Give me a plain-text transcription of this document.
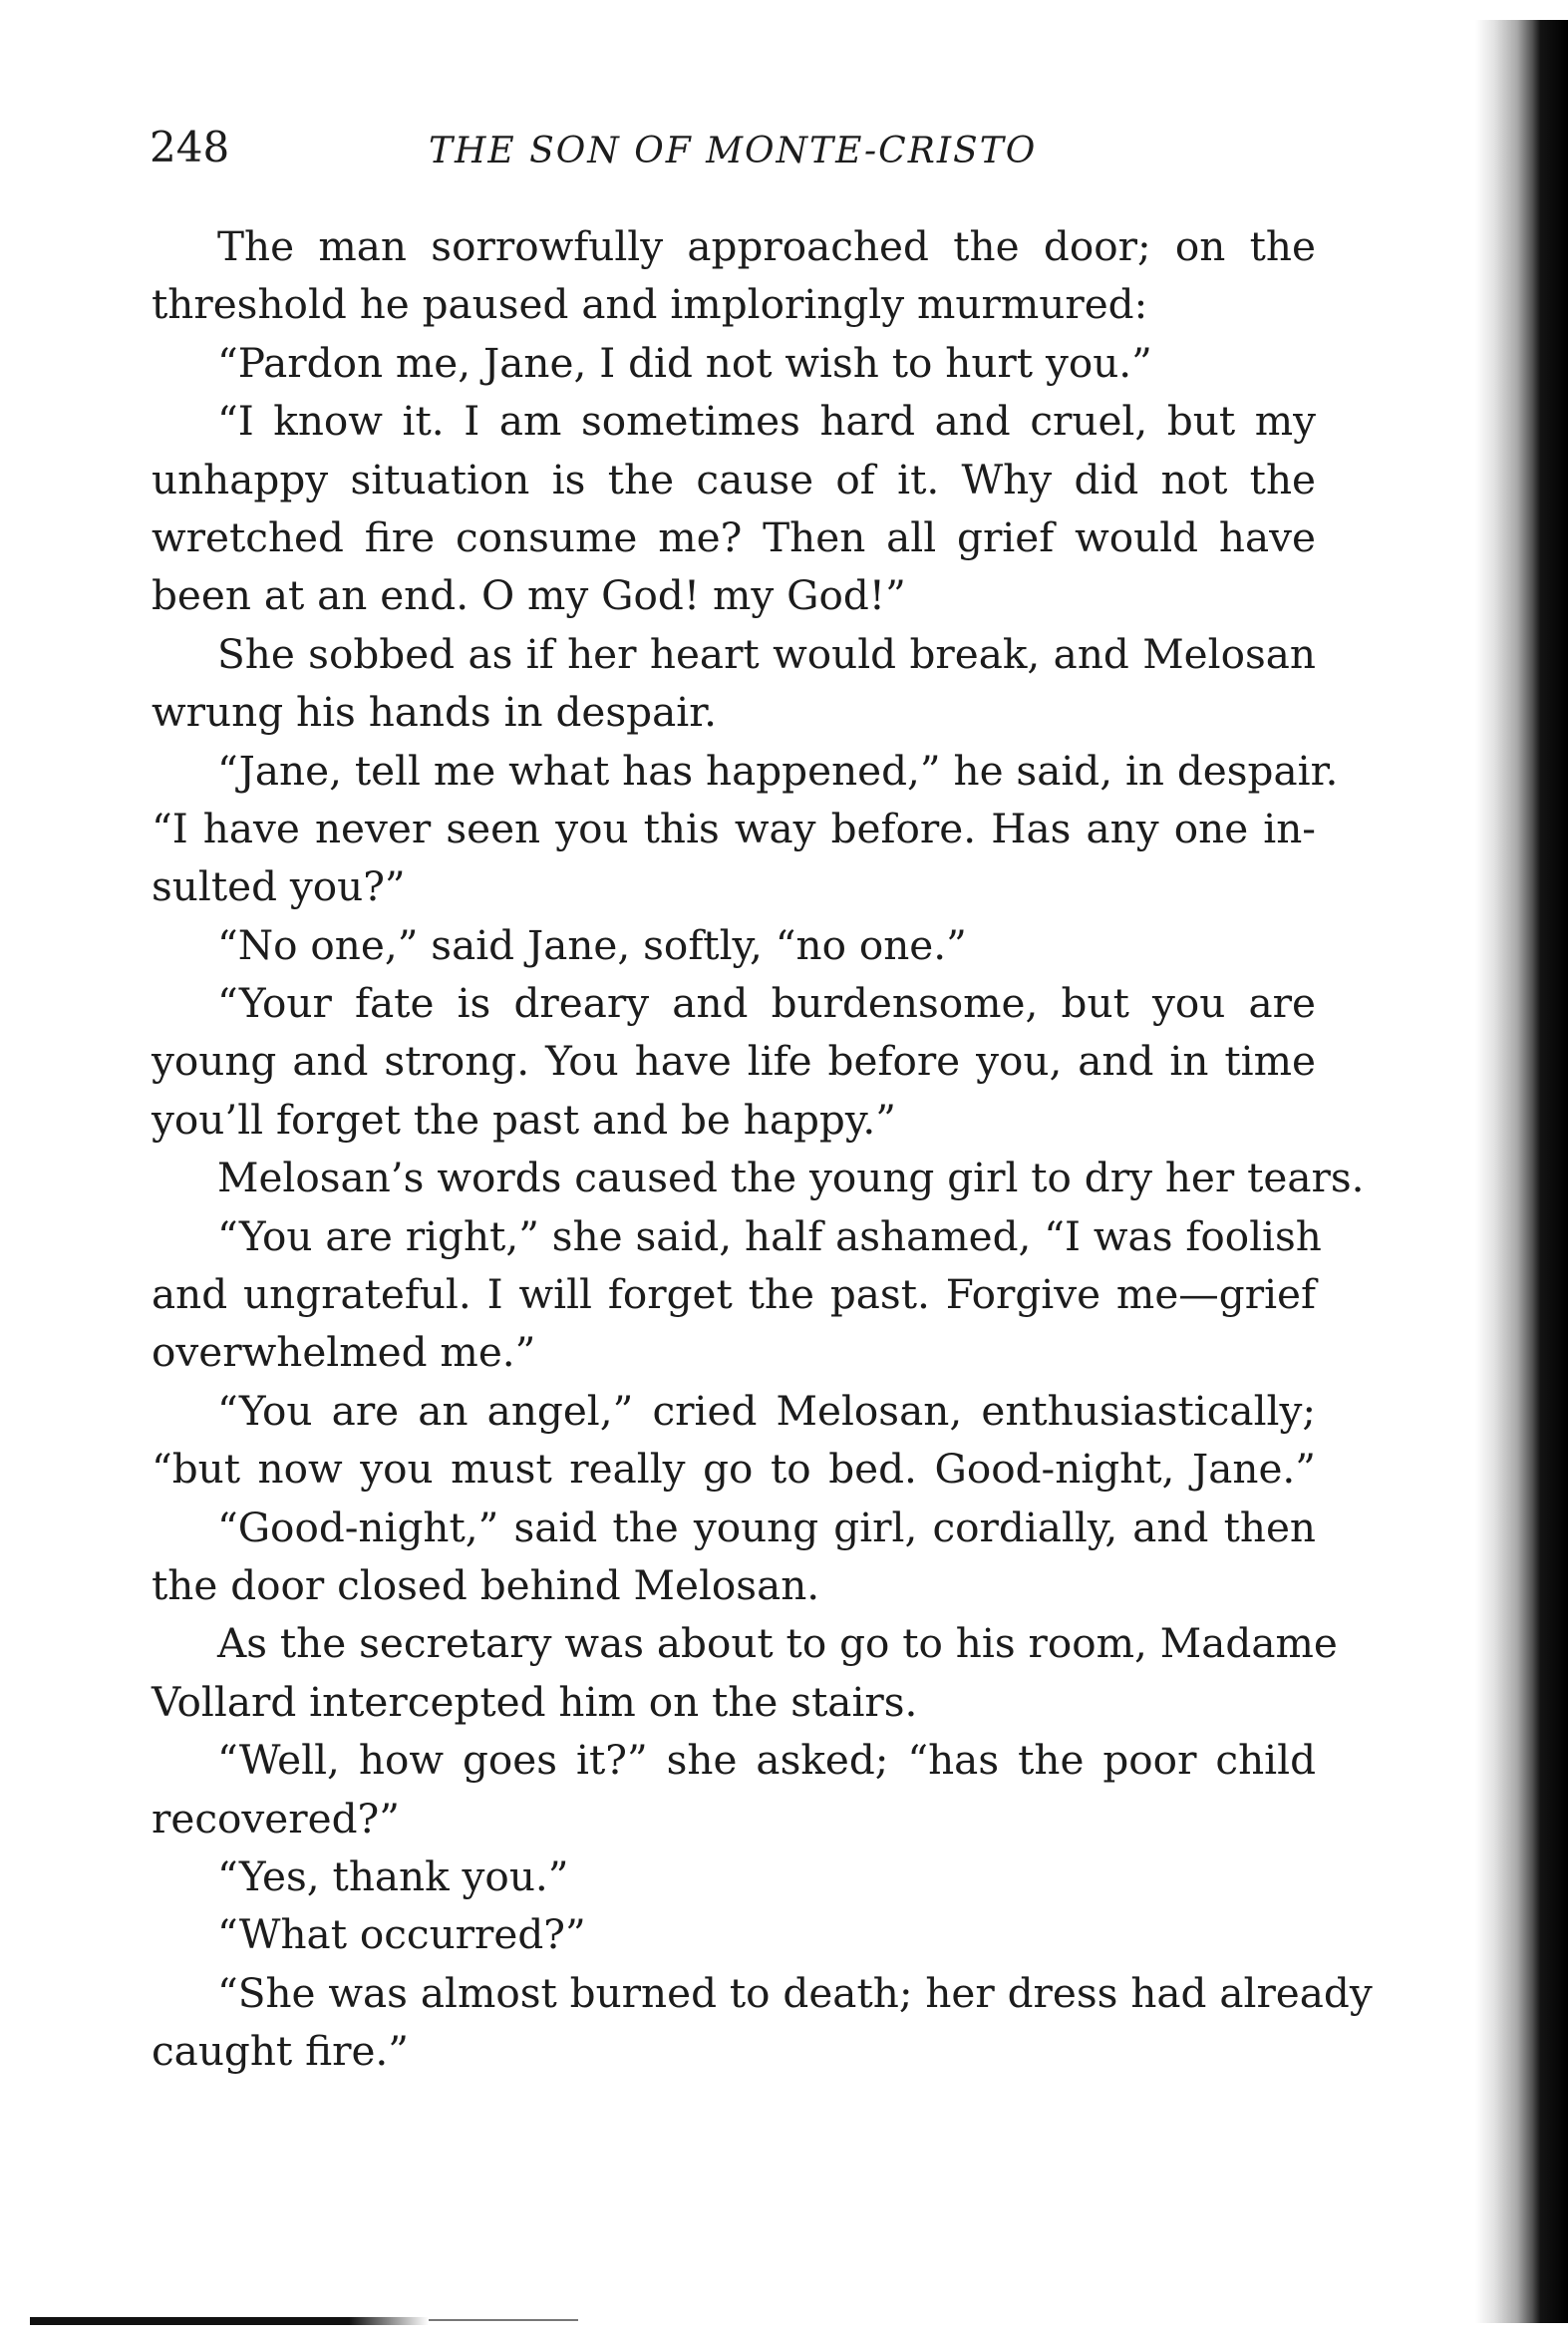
248	THE SON OF MONTE-CRISTO
The man sorrowfully approached the door; on the
threshold he paused and imploringly murmured:
“Pardon me, Jane, I did not wish to hurt you.”
“I know it. I am sometimes hard and cruel, but my
unhappy situation is the cause of it. Why did not the
wretched fire consume me? Then all grief would have
been at an end. O my God! my God!”
She sobbed as if her heart would break, and Melosan
wrung his hands in despair.
“Jane, tell me what has happened,” he said, in despair.
“I have never seen you this way before. Has any one in-
sulted you?”
“No one,” said Jane, softly, “no one.”
“Your fate is dreary and burdensome, but you are
young and strong. You have life before you, and in time
you’ll forget the past and be happy.”
Melosan’s words caused the young girl to dry her tears.
“You are right,” she said, half ashamed, “I was foolish
and ungrateful. I will forget the past. Forgive me—grief
overwhelmed me.”
“You are an angel,” cried Melosan, enthusiastically;
“but now you must really go to bed. Good-night, Jane.”
“Good-night,” said the young girl, cordially, and then
the door closed behind Melosan.
As the secretary was about to go to his room, Madame
Vollard intercepted him on the stairs.
“Well, how goes it?” she asked; “has the poor child
recovered?”
“Yes, thank you.”
“What occurred?”
“She was almost burned to death; her dress had already
caught fire.”
